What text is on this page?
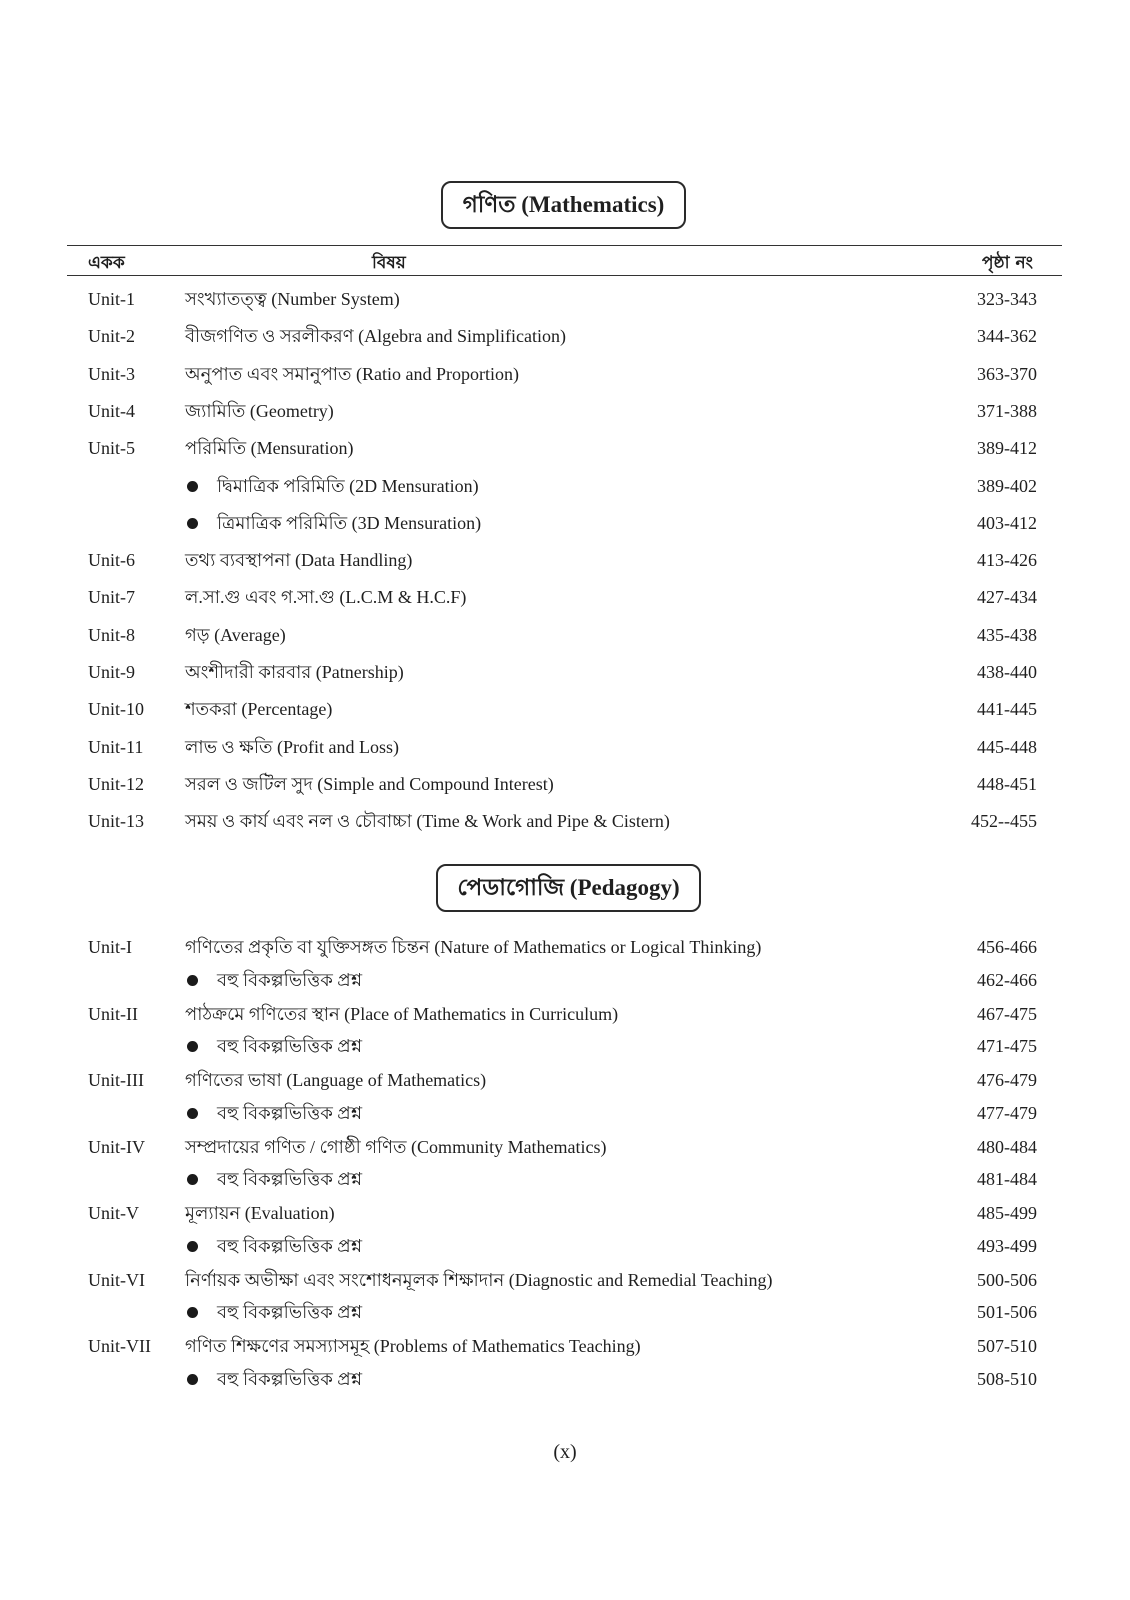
গণিত (Mathematics)
একক	বিষয়	পৃষ্ঠা নং
Unit-1	সংখ্যাতত্ত্ব (Number System)	323-343
Unit-2	বীজগণিত ও সরলীকরণ (Algebra and Simplification)	344-362
Unit-3	অনুপাত এবং সমানুপাত (Ratio and Proportion)	363-370
Unit-4	জ্যামিতি (Geometry)	371-388
Unit-5	পরিমিতি (Mensuration)	389-412
দ্বিমাত্রিক পরিমিতি (2D Mensuration)	389-402
ত্রিমাত্রিক পরিমিতি (3D Mensuration)	403-412
Unit-6	তথ্য ব্যবস্থাপনা (Data Handling)	413-426
Unit-7	ল.সা.গু এবং গ.সা.গু (L.C.M & H.C.F)	427-434
Unit-8	গড় (Average)	435-438
Unit-9	অংশীদারী কারবার (Patnership)	438-440
Unit-10 শতকরা (Percentage)	441-445
Unit-11 লাভ ও ক্ষতি (Profit and Loss)	445-448
Unit-12 সরল ও জটিল সুদ (Simple and Compound Interest)	448-451
Unit-13 সময় ও কার্য এবং নল ও চৌবাচ্চা (Time & Work and Pipe & Cistern)	452--455
পেডাগোজি (Pedagogy)
Unit-I	গণিতের প্রকৃতি বা যুক্তিসঙ্গত চিন্তন (Nature of Mathematics or Logical Thinking)	456-466
বহু বিকল্পভিত্তিক প্রশ্ন	462-466
Unit-II	পাঠক্রমে গণিতের স্থান (Place of Mathematics in Curriculum)	467-475
বহু বিকল্পভিত্তিক প্রশ্ন	471-475
Unit-III গণিতের ভাষা (Language of Mathematics)	476-479
বহু বিকল্পভিত্তিক প্রশ্ন	477-479
Unit-IV সম্প্রদায়ের গণিত / গোষ্ঠী গণিত (Community Mathematics)	480-484
বহু বিকল্পভিত্তিক প্রশ্ন	481-484
Unit-V	মূল্যায়ন (Evaluation)	485-499
বহু বিকল্পভিত্তিক প্রশ্ন	493-499
Unit-VI নির্ণায়ক অভীক্ষা এবং সংশোধনমূলক শিক্ষাদান (Diagnostic and Remedial Teaching)	500-506
বহু বিকল্পভিত্তিক প্রশ্ন	501-506
Unit-VII গণিত শিক্ষণের সমস্যাসমূহ (Problems of Mathematics Teaching)	507-510
বহু বিকল্পভিত্তিক প্রশ্ন	508-510
(x)
